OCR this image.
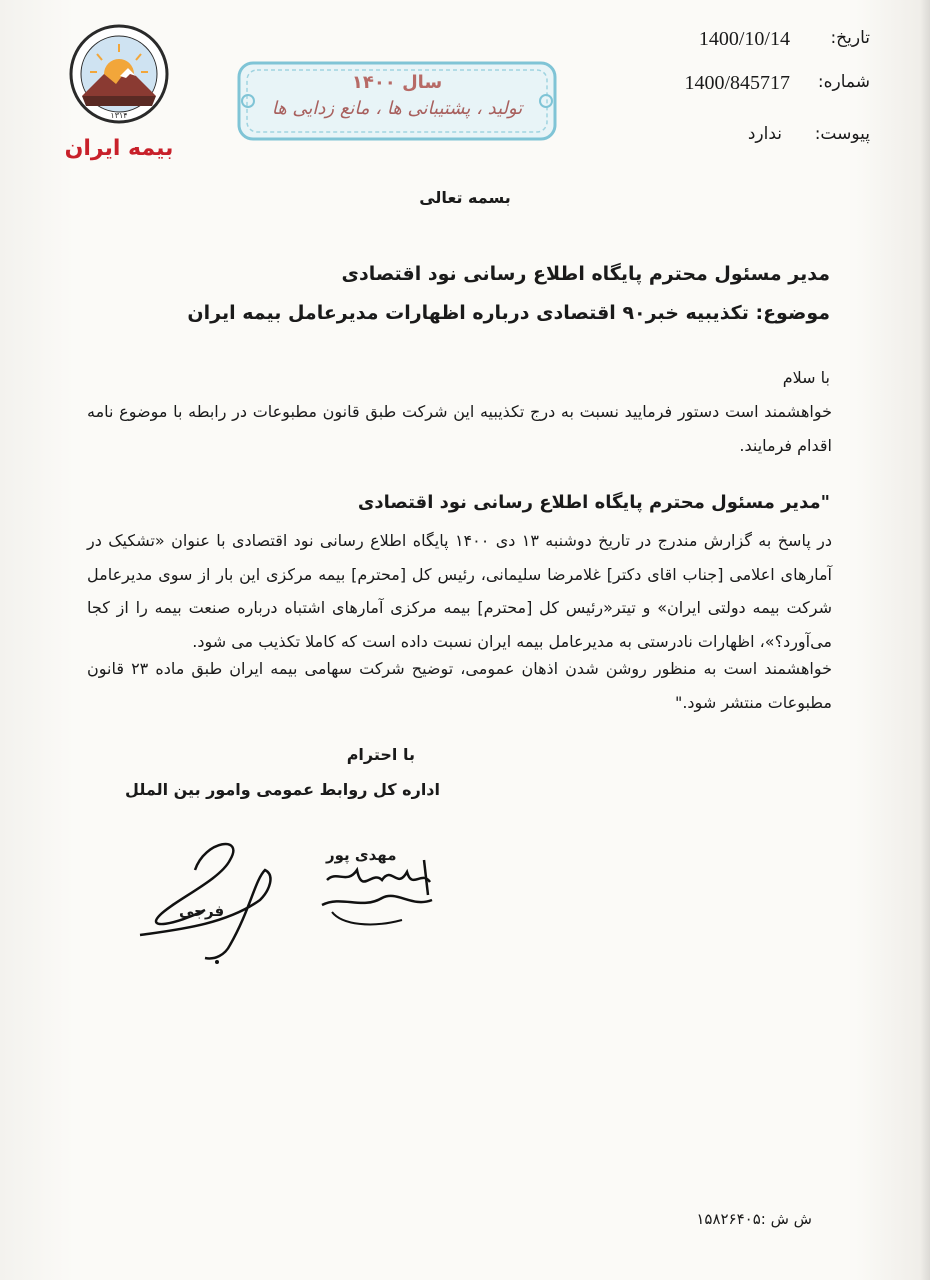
۱۳۱۴
بیمه ایران
سال ۱۴۰۰
تولید ، پشتیبانی ها ، مانع زدایی ها
تاریخ:
1400/10/14
شماره:
1400/845717
پیوست:
ندارد
بسمه تعالی
مدیر مسئول محترم پایگاه اطلاع رسانی نود اقتصادی
موضوع: تکذیبیه خبر۹۰ اقتصادی درباره اظهارات مدیرعامل بیمه ایران
با سلام
خواهشمند است دستور فرمایید نسبت به درج تکذیبیه این شرکت طبق قانون مطبوعات در رابطه با موضوع نامه اقدام فرمایند.
"مدیر مسئول محترم پایگاه اطلاع رسانی نود اقتصادی
در پاسخ به گزارش مندرج در تاریخ دوشنبه ۱۳ دی ۱۴۰۰ پایگاه اطلاع رسانی نود اقتصادی با عنوان «تشکیک در آمارهای اعلامی [جناب اقای دکتر] غلامرضا سلیمانی، رئیس کل [محترم] بیمه مرکزی این بار از سوی مدیرعامل شرکت بیمه دولتی ایران» و تیتر«رئیس کل [محترم] بیمه مرکزی آمارهای اشتباه درباره صنعت بیمه را از کجا می‌آورد؟»، اظهارات نادرستی به مدیرعامل بیمه ایران نسبت داده است که کاملا تکذیب می شود.
خواهشمند است به منظور روشن شدن اذهان عمومی، توضیح شرکت سهامی بیمه ایران طبق ماده ۲۳ قانون مطبوعات منتشر شود."
با احترام
اداره کل روابط عمومی وامور بین الملل
فرجی
مهدی پور
ش ش :۱۵۸۲۶۴۰۵
